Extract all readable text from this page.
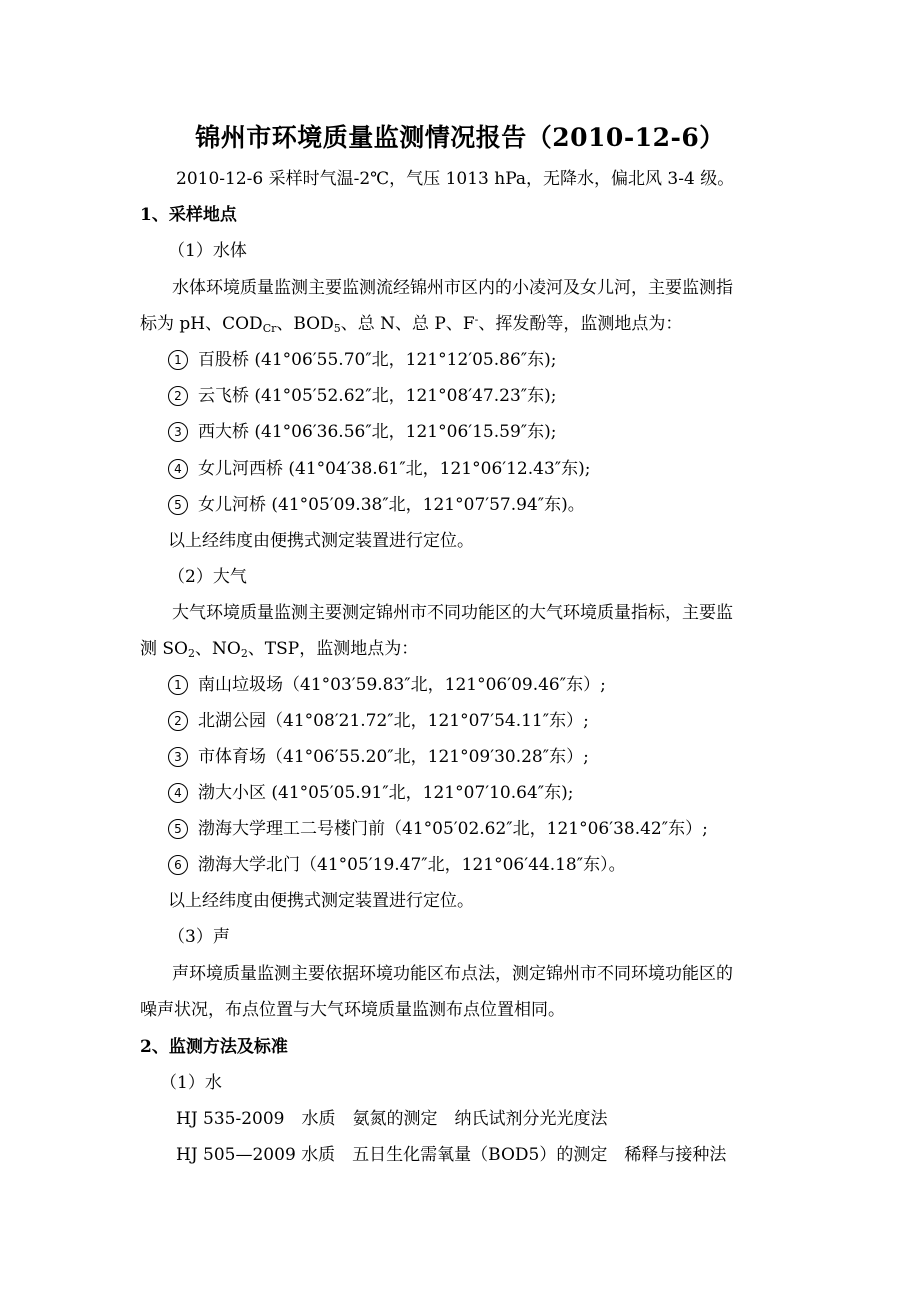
锦州市环境质量监测情况报告（2010-12-6）
2010-12-6 采样时气温-2℃，气压 1013 hPa，无降水，偏北风 3-4 级。
1、采样地点
（1）水体
水体环境质量监测主要监测流经锦州市区内的小凌河及女儿河，主要监测指
标为 pH、$COD_{Cr}$、$BOD_5$、总 N、总 P、F-、挥发酚等，监测地点为：
1 百股桥 (41°06′55.70″北，121°12′05.86″东);
2 云飞桥 (41°05′52.62″北，121°08′47.23″东);
3 西大桥 (41°06′36.56″北，121°06′15.59″东);
4 女儿河西桥 (41°04′38.61″北，121°06′12.43″东);
5 女儿河桥 (41°05′09.38″北，121°07′57.94″东)。
以上经纬度由便携式测定装置进行定位。
（2）大气
大气环境质量监测主要测定锦州市不同功能区的大气环境质量指标，主要监
测 $SO_2$、$NO_2$、TSP，监测地点为：
1 南山垃圾场（41°03′59.83″北，121°06′09.46″东）;
2 北湖公园（41°08′21.72″北，121°07′54.11″东）;
3 市体育场（41°06′55.20″北，121°09′30.28″东）;
4 渤大小区 (41°05′05.91″北，121°07′10.64″东);
5 渤海大学理工二号楼门前（41°05′02.62″北，121°06′38.42″东）;
6 渤海大学北门（41°05′19.47″北，121°06′44.18″东）。
以上经纬度由便携式测定装置进行定位。
（3）声
声环境质量监测主要依据环境功能区布点法，测定锦州市不同环境功能区的
噪声状况，布点位置与大气环境质量监测布点位置相同。
2、监测方法及标准
（1）水
HJ 535-2009　水质　氨氮的测定　纳氏试剂分光光度法
HJ 505—2009 水质　五日生化需氧量（BOD5）的测定　稀释与接种法
